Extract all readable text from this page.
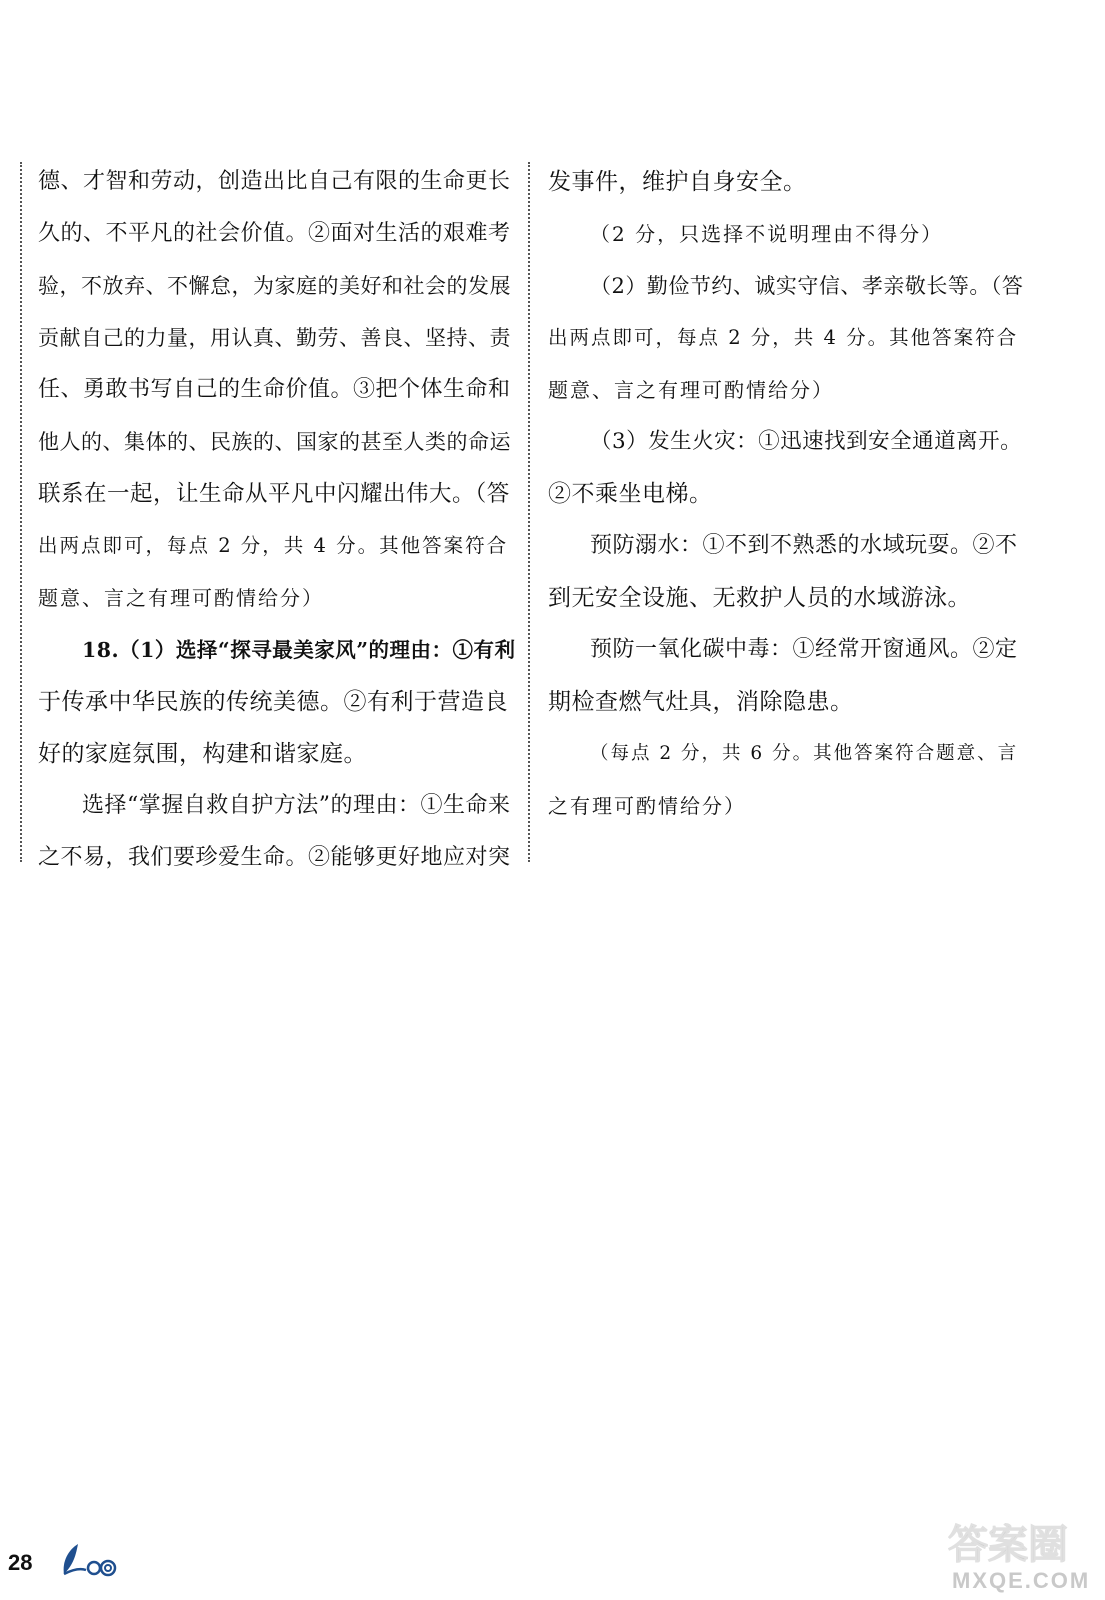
德、才智和劳动，创造出比自己有限的生命更长
久的、不平凡的社会价值。②面对生活的艰难考
验，不放弃、不懈怠，为家庭的美好和社会的发展
贡献自己的力量，用认真、勤劳、善良、坚持、责
任、勇敢书写自己的生命价值。③把个体生命和
他人的、集体的、民族的、国家的甚至人类的命运
联系在一起，让生命从平凡中闪耀出伟大。（答
出两点即可，每点 2 分，共 4 分。其他答案符合
题意、言之有理可酌情给分）
18.（1）选择“探寻最美家风”的理由：①有利
于传承中华民族的传统美德。②有利于营造良
好的家庭氛围，构建和谐家庭。
选择“掌握自救自护方法”的理由：①生命来
之不易，我们要珍爱生命。②能够更好地应对突
发事件，维护自身安全。
（2 分，只选择不说明理由不得分）
（2）勤俭节约、诚实守信、孝亲敬长等。（答
出两点即可，每点 2 分，共 4 分。其他答案符合
题意、言之有理可酌情给分）
（3）发生火灾：①迅速找到安全通道离开。
②不乘坐电梯。
预防溺水：①不到不熟悉的水域玩耍。②不
到无安全设施、无救护人员的水域游泳。
预防一氧化碳中毒：①经常开窗通风。②定
期检查燃气灶具，消除隐患。
（每点 2 分，共 6 分。其他答案符合题意、言
之有理可酌情给分）
28	答案圈
MXQE.COM
